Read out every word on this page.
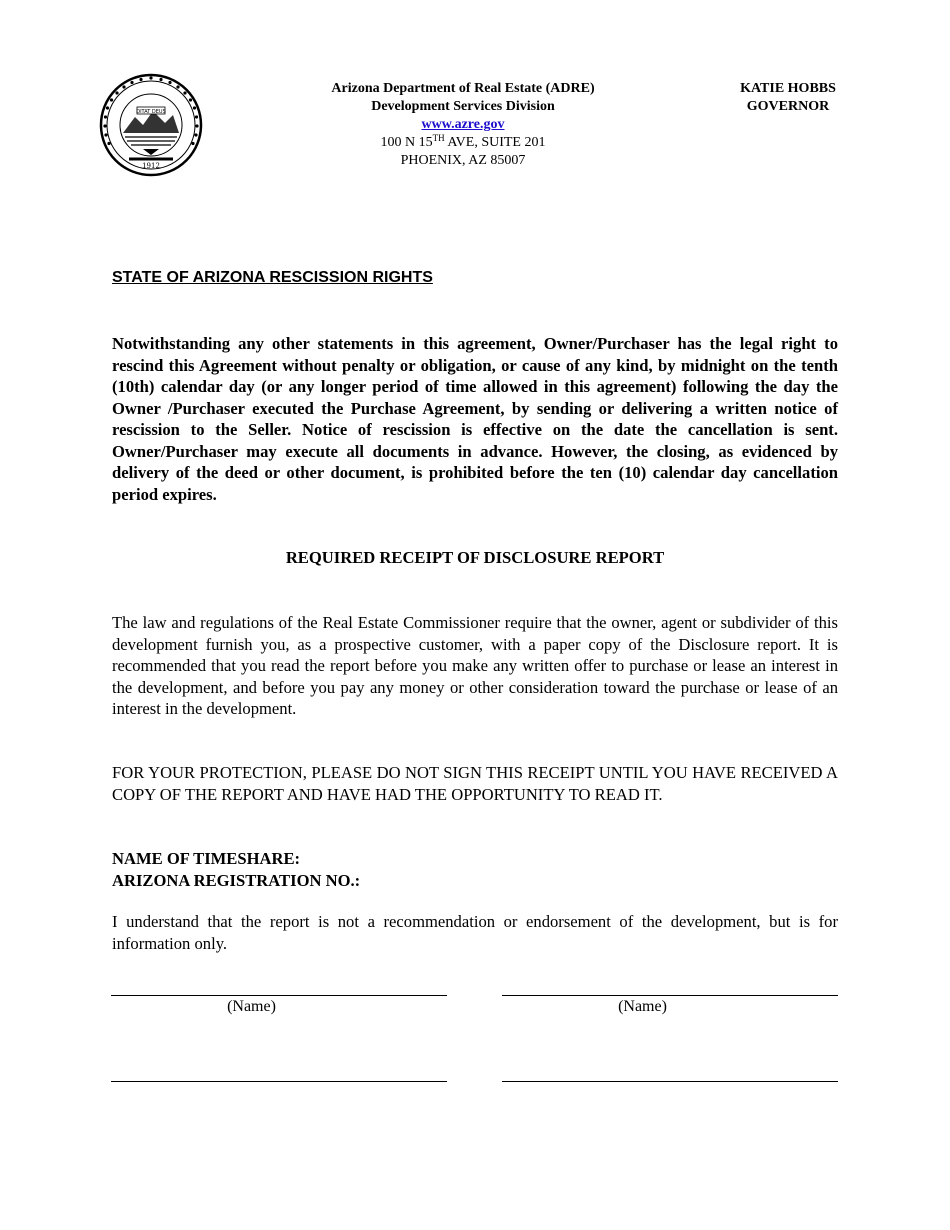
DITAT DEUS
1912
Arizona Department of Real Estate (ADRE)
Development Services Division
www.azre.gov
100 N 15TH AVE, SUITE 201
PHOENIX, AZ 85007
KATIE HOBBS
GOVERNOR
STATE OF ARIZONA RESCISSION RIGHTS
Notwithstanding any other statements in this agreement, Owner/Purchaser has the legal right to rescind this Agreement without penalty or obligation, or cause of any kind, by midnight on the tenth (10th) calendar day (or any longer period of time allowed in this agreement) following the day the Owner /Purchaser executed the Purchase Agreement, by sending or delivering a written notice of rescission to the Seller. Notice of rescission is effective on the date the cancellation is sent. Owner/Purchaser may execute all documents in advance. However, the closing, as evidenced by delivery of the deed or other document, is prohibited before the ten (10) calendar day cancellation period expires.
REQUIRED RECEIPT OF DISCLOSURE REPORT
The law and regulations of the Real Estate Commissioner require that the owner, agent or subdivider of this development furnish you, as a prospective customer, with a paper copy of the Disclosure report. It is recommended that you read the report before you make any written offer to purchase or lease an interest in the development, and before you pay any money or other consideration toward the purchase or lease of an interest in the development.
FOR YOUR PROTECTION, PLEASE DO NOT SIGN THIS RECEIPT UNTIL YOU HAVE RECEIVED A COPY OF THE REPORT AND HAVE HAD THE OPPORTUNITY TO READ IT.
NAME OF TIMESHARE:
ARIZONA REGISTRATION NO.:
I understand that the report is not a recommendation or endorsement of the development, but is for information only.
(Name)	(Name)
